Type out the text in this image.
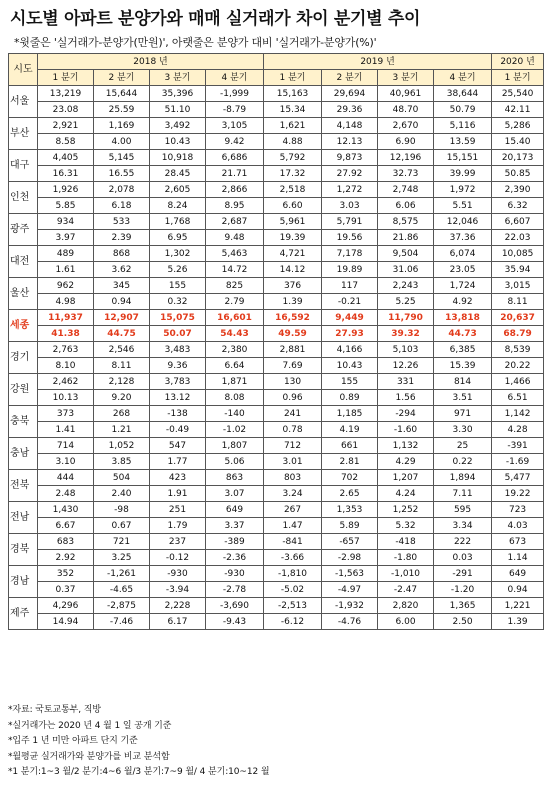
시도별 아파트 분양가와 매매 실거래가 차이 분기별 추이
*윗줄은 '실거래가-분양가(만원)', 아랫줄은 분양가 대비 '실거래가-분양가(%)'
시도	2018 년				2019 년				2020 년
	1 분기	2 분기	3 분기	4 분기	1 분기	2 분기	3 분기	4 분기	1 분기
서울	13,219	15,644	35,396	-1,999	15,163	29,694	40,961	38,644	25,540
	23.08	25.59	51.10	-8.79	15.34	29.36	48.70	50.79	42.11
부산	2,921	1,169	3,492	3,105	1,621	4,148	2,670	5,116	5,286
	8.58	4.00	10.43	9.42	4.88	12.13	6.90	13.59	15.40
대구	4,405	5,145	10,918	6,686	5,792	9,873	12,196	15,151	20,173
	16.31	16.55	28.45	21.71	17.32	27.92	32.73	39.99	50.85
인천	1,926	2,078	2,605	2,866	2,518	1,272	2,748	1,972	2,390
	5.85	6.18	8.24	8.95	6.60	3.03	6.06	5.51	6.32
광주	934	533	1,768	2,687	5,961	5,791	8,575	12,046	6,607
	3.97	2.39	6.95	9.48	19.39	19.56	21.86	37.36	22.03
대전	489	868	1,302	5,463	4,721	7,178	9,504	6,074	10,085
	1.61	3.62	5.26	14.72	14.12	19.89	31.06	23.05	35.94
울산	962	345	155	825	376	117	2,243	1,724	3,015
	4.98	0.94	0.32	2.79	1.39	-0.21	5.25	4.92	8.11
세종	11,937	12,907	15,075	16,601	16,592	9,449	11,790	13,818	20,637
	41.38	44.75	50.07	54.43	49.59	27.93	39.32	44.73	68.79
경기	2,763	2,546	3,483	2,380	2,881	4,166	5,103	6,385	8,539
	8.10	8.11	9.36	6.64	7.69	10.43	12.26	15.39	20.22
강원	2,462	2,128	3,783	1,871	130	155	331	814	1,466
	10.13	9.20	13.12	8.08	0.96	0.89	1.56	3.51	6.51
충북	373	268	-138	-140	241	1,185	-294	971	1,142
	1.41	1.21	-0.49	-1.02	0.78	4.19	-1.60	3.30	4.28
충남	714	1,052	547	1,807	712	661	1,132	25	-391
	3.10	3.85	1.77	5.06	3.01	2.81	4.29	0.22	-1.69
전북	444	504	423	863	803	702	1,207	1,894	5,477
	2.48	2.40	1.91	3.07	3.24	2.65	4.24	7.11	19.22
전남	1,430	-98	251	649	267	1,353	1,252	595	723
	6.67	0.67	1.79	3.37	1.47	5.89	5.32	3.34	4.03
경북	683	721	237	-389	-841	-657	-418	222	673
	2.92	3.25	-0.12	-2.36	-3.66	-2.98	-1.80	0.03	1.14
경남	352	-1,261	-930	-930	-1,810	-1,563	-1,010	-291	649
	0.37	-4.65	-3.94	-2.78	-5.02	-4.97	-2.47	-1.20	0.94
제주	4,296	-2,875	2,228	-3,690	-2,513	-1,932	2,820	1,365	1,221
	14.94	-7.46	6.17	-9.43	-6.12	-4.76	6.00	2.50	1.39
*자료: 국토교통부, 직방
*실거래가는 2020 년 4 월 1 일 공개 기준
*입주 1 년 미만 아파트 단지 기준
*월평균 실거래가와 분양가를 비교 분석함
*1 분기:1~3 월/2 분기:4~6 월/3 분기:7~9 월/ 4 분기:10~12 월
